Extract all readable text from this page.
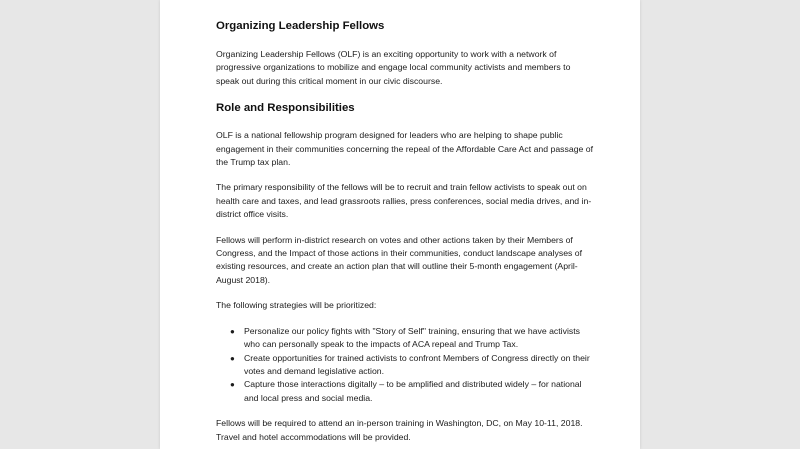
Organizing Leadership Fellows

Organizing Leadership Fellows (OLF) is an exciting opportunity to work with a network of progressive organizations to mobilize and engage local community activists and members to speak out during this critical moment in our civic discourse.

Role and Responsibilities

OLF is a national fellowship program designed for leaders who are helping to shape public engagement in their communities concerning the repeal of the Affordable Care Act and passage of the Trump tax plan.

The primary responsibility of the fellows will be to recruit and train fellow activists to speak out on health care and taxes, and lead grassroots rallies, press conferences, social media drives, and in-district office visits.

Fellows will perform in-district research on votes and other actions taken by their Members of Congress, and the Impact of those actions in their communities, conduct landscape analyses of existing resources, and create an action plan that will outline their 5-month engagement (April-August 2018).

The following strategies will be prioritized:

● Personalize our policy fights with "Story of Self" training, ensuring that we have activists who can personally speak to the impacts of ACA repeal and Trump Tax.
● Create opportunities for trained activists to confront Members of Congress directly on their votes and demand legislative action.
● Capture those interactions digitally – to be amplified and distributed widely – for national and local press and social media.

Fellows will be required to attend an in-person training in Washington, DC, on May 10-11, 2018. Travel and hotel accommodations will be provided.
